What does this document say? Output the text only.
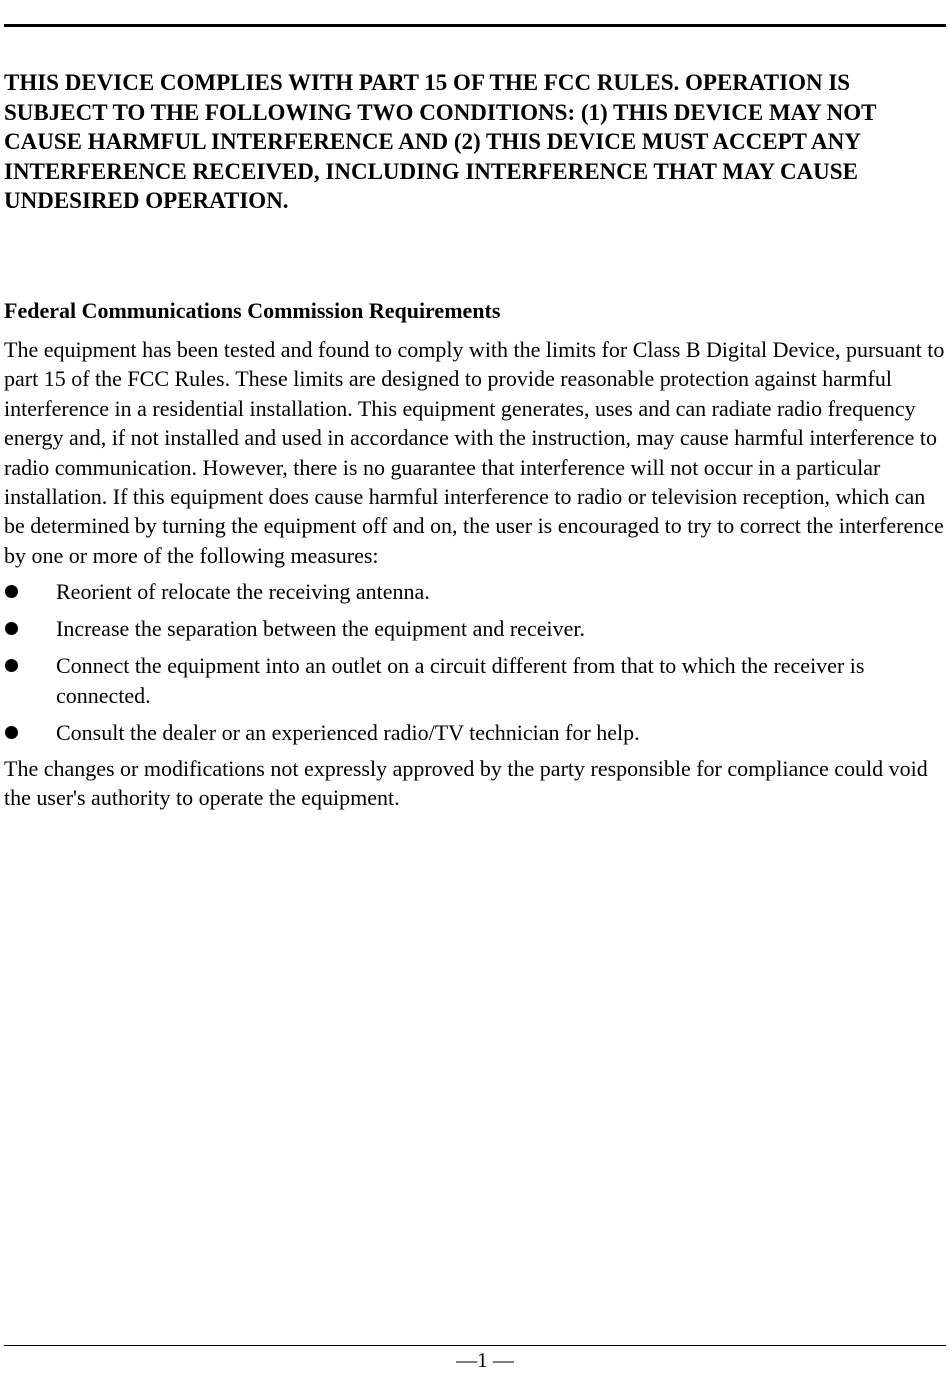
THIS DEVICE COMPLIES WITH PART 15 OF THE FCC RULES. OPERATION IS SUBJECT TO THE FOLLOWING TWO CONDITIONS: (1) THIS DEVICE MAY NOT CAUSE HARMFUL INTERFERENCE AND (2) THIS DEVICE MUST ACCEPT ANY INTERFERENCE RECEIVED, INCLUDING INTERFERENCE THAT MAY CAUSE UNDESIRED OPERATION.

Federal Communications Commission Requirements

The equipment has been tested and found to comply with the limits for Class B Digital Device, pursuant to part 15 of the FCC Rules. These limits are designed to provide reasonable protection against harmful interference in a residential installation. This equipment generates, uses and can radiate radio frequency energy and, if not installed and used in accordance with the instruction, may cause harmful interference to radio communication. However, there is no guarantee that interference will not occur in a particular installation. If this equipment does cause harmful interference to radio or television reception, which can be determined by turning the equipment off and on, the user is encouraged to try to correct the interference by one or more of the following measures:

Reorient of relocate the receiving antenna.
Increase the separation between the equipment and receiver.
Connect the equipment into an outlet on a circuit different from that to which the receiver is connected.
Consult the dealer or an experienced radio/TV technician for help.

The changes or modifications not expressly approved by the party responsible for compliance could void the user's authority to operate the equipment.

—1 —
